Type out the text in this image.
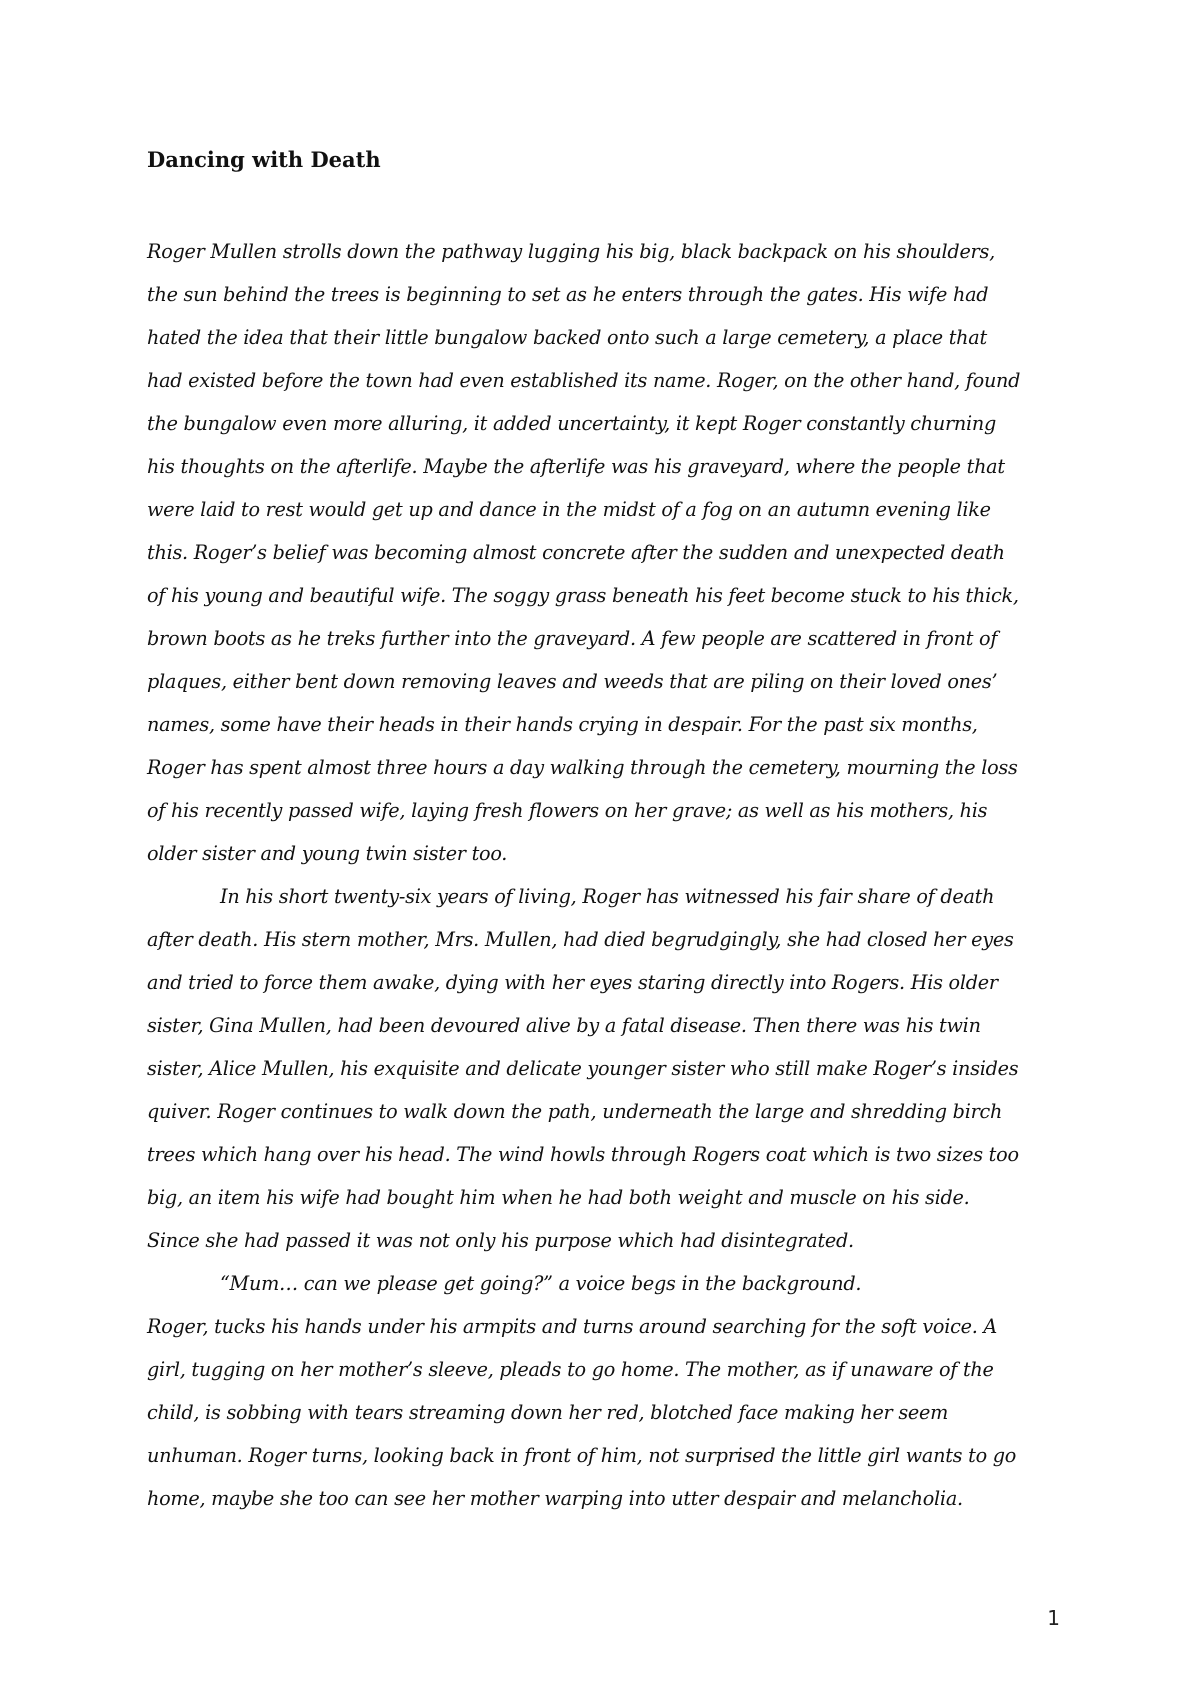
Dancing with Death
Roger Mullen strolls down the pathway lugging his big, black backpack on his shoulders,
the sun behind the trees is beginning to set as he enters through the gates. His wife had
hated the idea that their little bungalow backed onto such a large cemetery, a place that
had existed before the town had even established its name. Roger, on the other hand, found
the bungalow even more alluring, it added uncertainty, it kept Roger constantly churning
his thoughts on the afterlife. Maybe the afterlife was his graveyard, where the people that
were laid to rest would get up and dance in the midst of a fog on an autumn evening like
this. Roger’s belief was becoming almost concrete after the sudden and unexpected death
of his young and beautiful wife. The soggy grass beneath his feet become stuck to his thick,
brown boots as he treks further into the graveyard. A few people are scattered in front of
plaques, either bent down removing leaves and weeds that are piling on their loved ones’
names, some have their heads in their hands crying in despair. For the past six months,
Roger has spent almost three hours a day walking through the cemetery, mourning the loss
of his recently passed wife, laying fresh flowers on her grave; as well as his mothers, his
older sister and young twin sister too.
In his short twenty-six years of living, Roger has witnessed his fair share of death
after death. His stern mother, Mrs. Mullen, had died begrudgingly, she had closed her eyes
and tried to force them awake, dying with her eyes staring directly into Rogers. His older
sister, Gina Mullen, had been devoured alive by a fatal disease. Then there was his twin
sister, Alice Mullen, his exquisite and delicate younger sister who still make Roger’s insides
quiver. Roger continues to walk down the path, underneath the large and shredding birch
trees which hang over his head. The wind howls through Rogers coat which is two sizes too
big, an item his wife had bought him when he had both weight and muscle on his side.
Since she had passed it was not only his purpose which had disintegrated.
“Mum… can we please get going?” a voice begs in the background.
Roger, tucks his hands under his armpits and turns around searching for the soft voice. A
girl, tugging on her mother’s sleeve, pleads to go home. The mother, as if unaware of the
child, is sobbing with tears streaming down her red, blotched face making her seem
unhuman. Roger turns, looking back in front of him, not surprised the little girl wants to go
home, maybe she too can see her mother warping into utter despair and melancholia.
1
